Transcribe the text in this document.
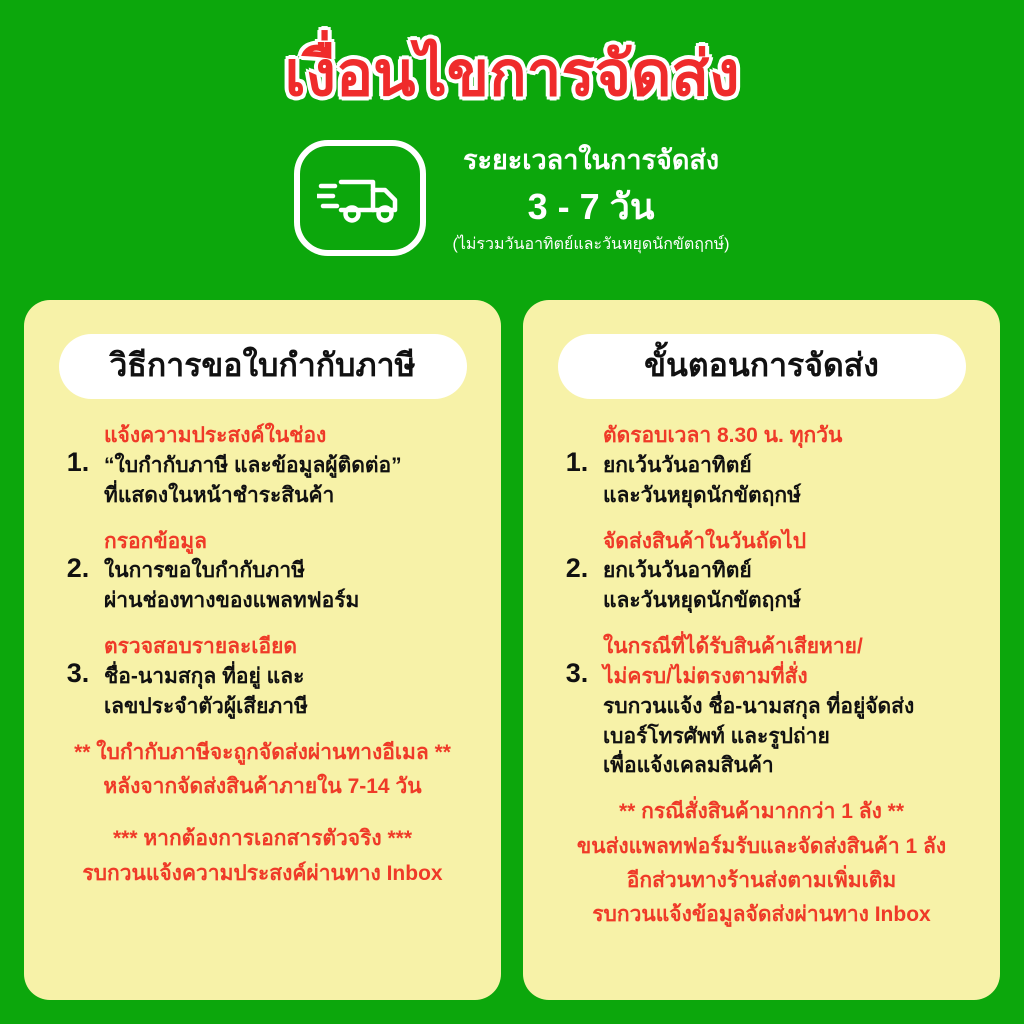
เงื่อนไขการจัดส่ง
ระยะเวลาในการจัดส่ง
3 - 7 วัน
(ไม่รวมวันอาทิตย์และวันหยุดนักขัตฤกษ์)
วิธีการขอใบกำกับภาษี
1.
แจ้งความประสงค์ในช่อง
“ใบกำกับภาษี และข้อมูลผู้ติดต่อ”
ที่แสดงในหน้าชำระสินค้า
2.
กรอกข้อมูล
ในการขอใบกำกับภาษี
ผ่านช่องทางของแพลทฟอร์ม
3.
ตรวจสอบรายละเอียด
ชื่อ-นามสกุล ที่อยู่ และ
เลขประจำตัวผู้เสียภาษี
** ใบกำกับภาษีจะถูกจัดส่งผ่านทางอีเมล **
หลังจากจัดส่งสินค้าภายใน 7-14 วัน
*** หากต้องการเอกสารตัวจริง ***
รบกวนแจ้งความประสงค์ผ่านทาง Inbox
ขั้นตอนการจัดส่ง
1.
ตัดรอบเวลา 8.30 น. ทุกวัน
ยกเว้นวันอาทิตย์
และวันหยุดนักขัตฤกษ์
2.
จัดส่งสินค้าในวันถัดไป
ยกเว้นวันอาทิตย์
และวันหยุดนักขัตฤกษ์
3.
ในกรณีที่ได้รับสินค้าเสียหาย/
ไม่ครบ/ไม่ตรงตามที่สั่ง
รบกวนแจ้ง ชื่อ-นามสกุล ที่อยู่จัดส่ง
เบอร์โทรศัพท์ และรูปถ่าย
เพื่อแจ้งเคลมสินค้า
** กรณีสั่งสินค้ามากกว่า 1 ลัง **
ขนส่งแพลทฟอร์มรับและจัดส่งสินค้า 1 ลัง
อีกส่วนทางร้านส่งตามเพิ่มเติม
รบกวนแจ้งข้อมูลจัดส่งผ่านทาง Inbox
